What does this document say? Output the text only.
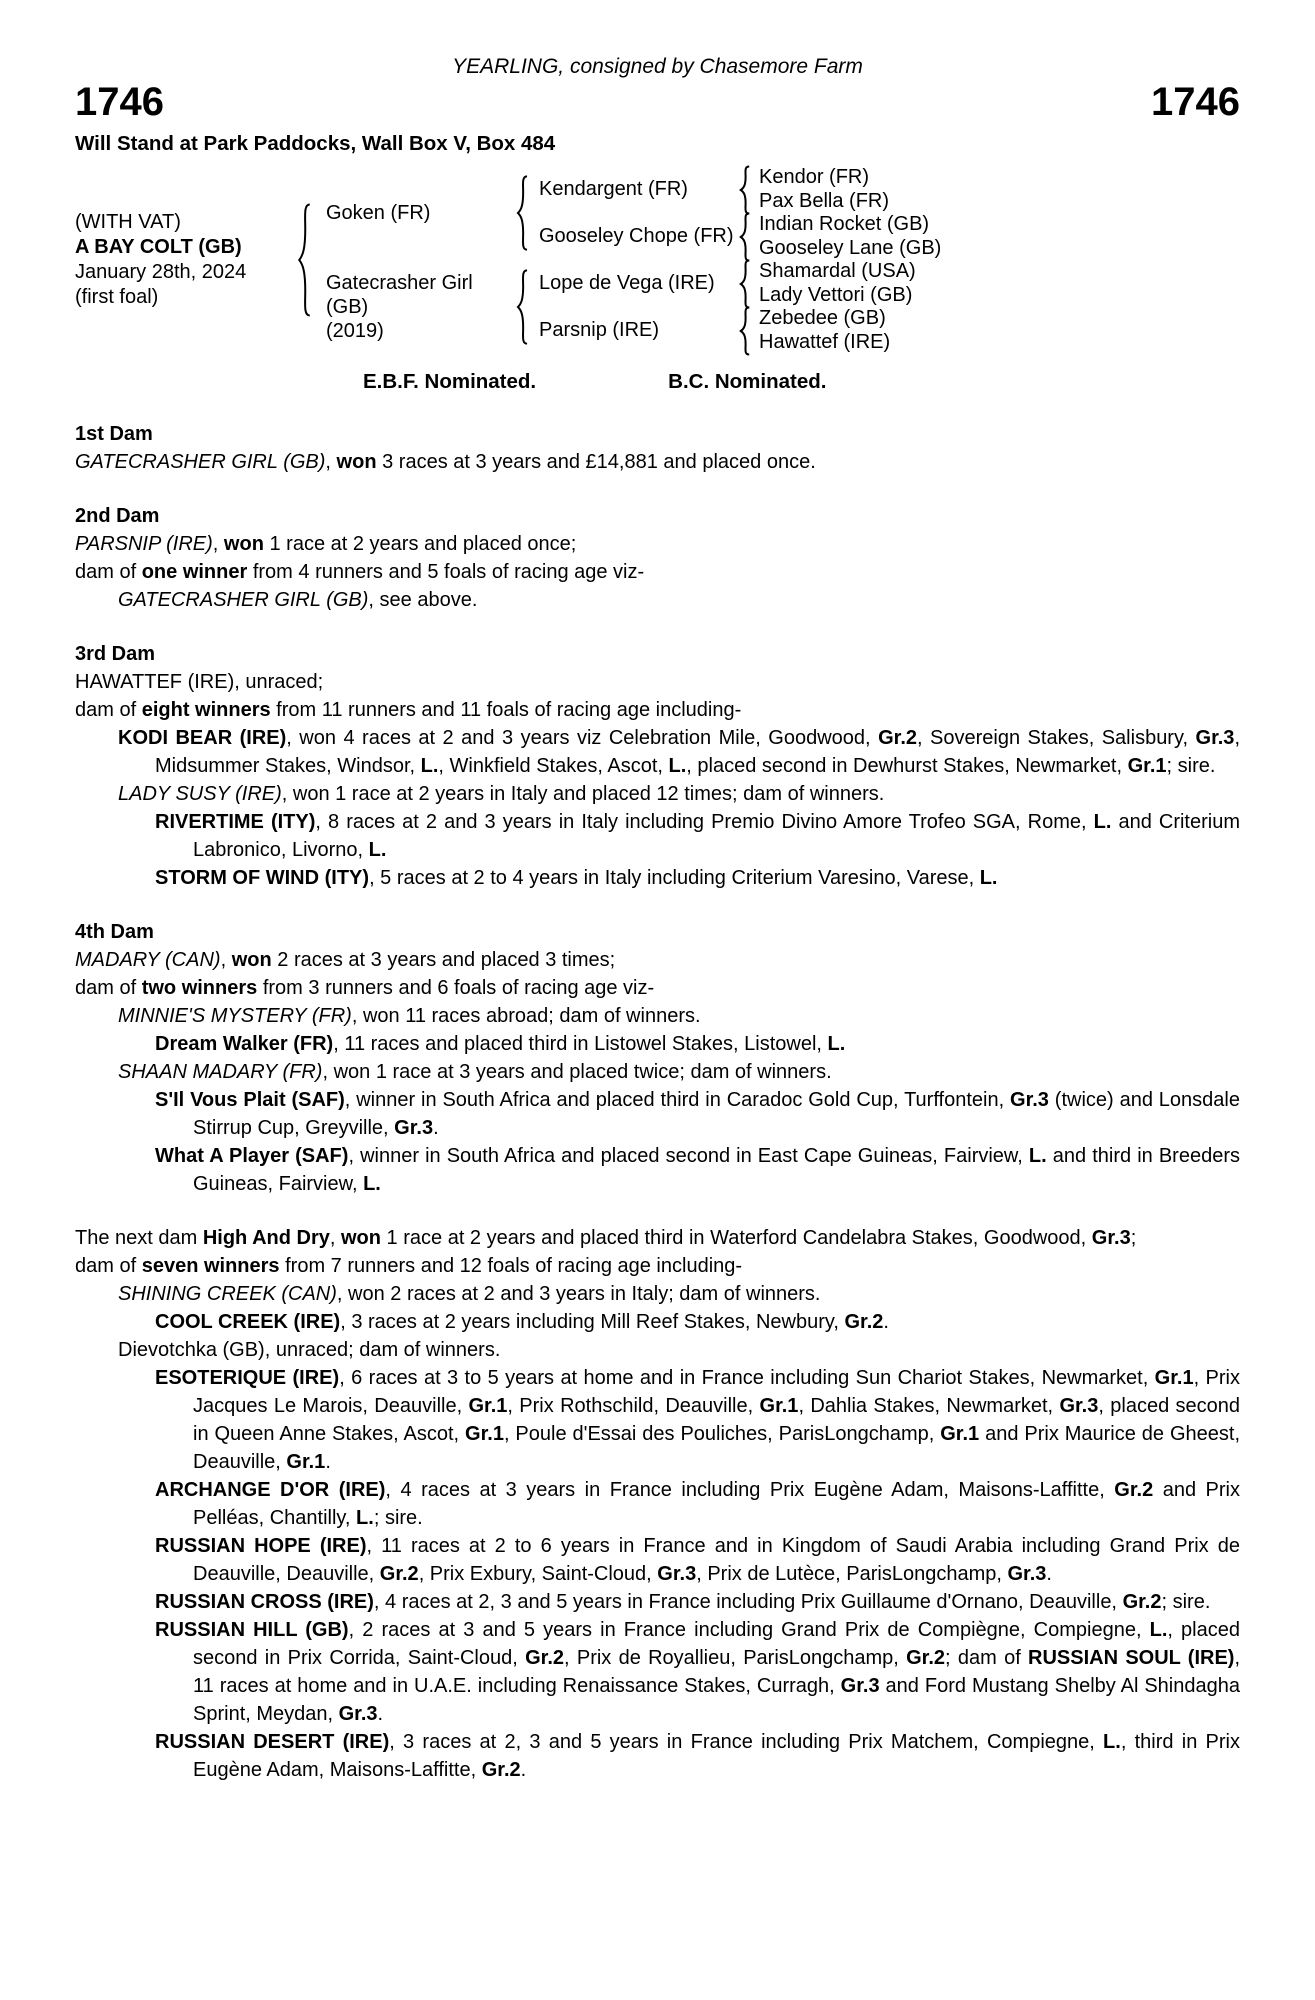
YEARLING, consigned by Chasemore Farm
1746	1746
Will Stand at Park Paddocks, Wall Box V, Box 484
(WITH VAT)
A BAY COLT (GB)
January 28th, 2024
(first foal)
Goken (FR)
Kendargent (FR)
Kendor (FR)
Pax Bella (FR)
Gooseley Chope (FR)
Indian Rocket (GB)
Gooseley Lane (GB)
Gatecrasher Girl (GB)
(2019)
Lope de Vega (IRE)
Shamardal (USA)
Lady Vettori (GB)
Parsnip (IRE)
Zebedee (GB)
Hawattef (IRE)
E.B.F. Nominated.	B.C. Nominated.
1st Dam

GATECRASHER GIRL (GB), won 3 races at 3 years and £14,881 and placed once.

2nd Dam

PARSNIP (IRE), won 1 race at 2 years and placed once;

dam of one winner from 4 runners and 5 foals of racing age viz-

GATECRASHER GIRL (GB), see above.

3rd Dam

HAWATTEF (IRE), unraced;

dam of eight winners from 11 runners and 11 foals of racing age including-

KODI BEAR (IRE), won 4 races at 2 and 3 years viz Celebration Mile, Goodwood, Gr.2, Sovereign Stakes, Salisbury, Gr.3, Midsummer Stakes, Windsor, L., Winkfield Stakes, Ascot, L., placed second in Dewhurst Stakes, Newmarket, Gr.1; sire.

LADY SUSY (IRE), won 1 race at 2 years in Italy and placed 12 times; dam of winners.

RIVERTIME (ITY), 8 races at 2 and 3 years in Italy including Premio Divino Amore Trofeo SGA, Rome, L. and Criterium Labronico, Livorno, L.

STORM OF WIND (ITY), 5 races at 2 to 4 years in Italy including Criterium Varesino, Varese, L.

4th Dam

MADARY (CAN), won 2 races at 3 years and placed 3 times;

dam of two winners from 3 runners and 6 foals of racing age viz-

MINNIE'S MYSTERY (FR), won 11 races abroad; dam of winners.

Dream Walker (FR), 11 races and placed third in Listowel Stakes, Listowel, L.

SHAAN MADARY (FR), won 1 race at 3 years and placed twice; dam of winners.

S'Il Vous Plait (SAF), winner in South Africa and placed third in Caradoc Gold Cup, Turffontein, Gr.3 (twice) and Lonsdale Stirrup Cup, Greyville, Gr.3.

What A Player (SAF), winner in South Africa and placed second in East Cape Guineas, Fairview, L. and third in Breeders Guineas, Fairview, L.

The next dam High And Dry, won 1 race at 2 years and placed third in Waterford Candelabra Stakes, Goodwood, Gr.3;

dam of seven winners from 7 runners and 12 foals of racing age including-

SHINING CREEK (CAN), won 2 races at 2 and 3 years in Italy; dam of winners.

COOL CREEK (IRE), 3 races at 2 years including Mill Reef Stakes, Newbury, Gr.2.

Dievotchka (GB), unraced; dam of winners.

ESOTERIQUE (IRE), 6 races at 3 to 5 years at home and in France including Sun Chariot Stakes, Newmarket, Gr.1, Prix Jacques Le Marois, Deauville, Gr.1, Prix Rothschild, Deauville, Gr.1, Dahlia Stakes, Newmarket, Gr.3, placed second in Queen Anne Stakes, Ascot, Gr.1, Poule d'Essai des Pouliches, ParisLongchamp, Gr.1 and Prix Maurice de Gheest, Deauville, Gr.1.

ARCHANGE D'OR (IRE), 4 races at 3 years in France including Prix Eugène Adam, Maisons-Laffitte, Gr.2 and Prix Pelléas, Chantilly, L.; sire.

RUSSIAN HOPE (IRE), 11 races at 2 to 6 years in France and in Kingdom of Saudi Arabia including Grand Prix de Deauville, Deauville, Gr.2, Prix Exbury, Saint-Cloud, Gr.3, Prix de Lutèce, ParisLongchamp, Gr.3.

RUSSIAN CROSS (IRE), 4 races at 2, 3 and 5 years in France including Prix Guillaume d'Ornano, Deauville, Gr.2; sire.

RUSSIAN HILL (GB), 2 races at 3 and 5 years in France including Grand Prix de Compiègne, Compiegne, L., placed second in Prix Corrida, Saint-Cloud, Gr.2, Prix de Royallieu, ParisLongchamp, Gr.2; dam of RUSSIAN SOUL (IRE), 11 races at home and in U.A.E. including Renaissance Stakes, Curragh, Gr.3 and Ford Mustang Shelby Al Shindagha Sprint, Meydan, Gr.3.

RUSSIAN DESERT (IRE), 3 races at 2, 3 and 5 years in France including Prix Matchem, Compiegne, L., third in Prix Eugène Adam, Maisons-Laffitte, Gr.2.
